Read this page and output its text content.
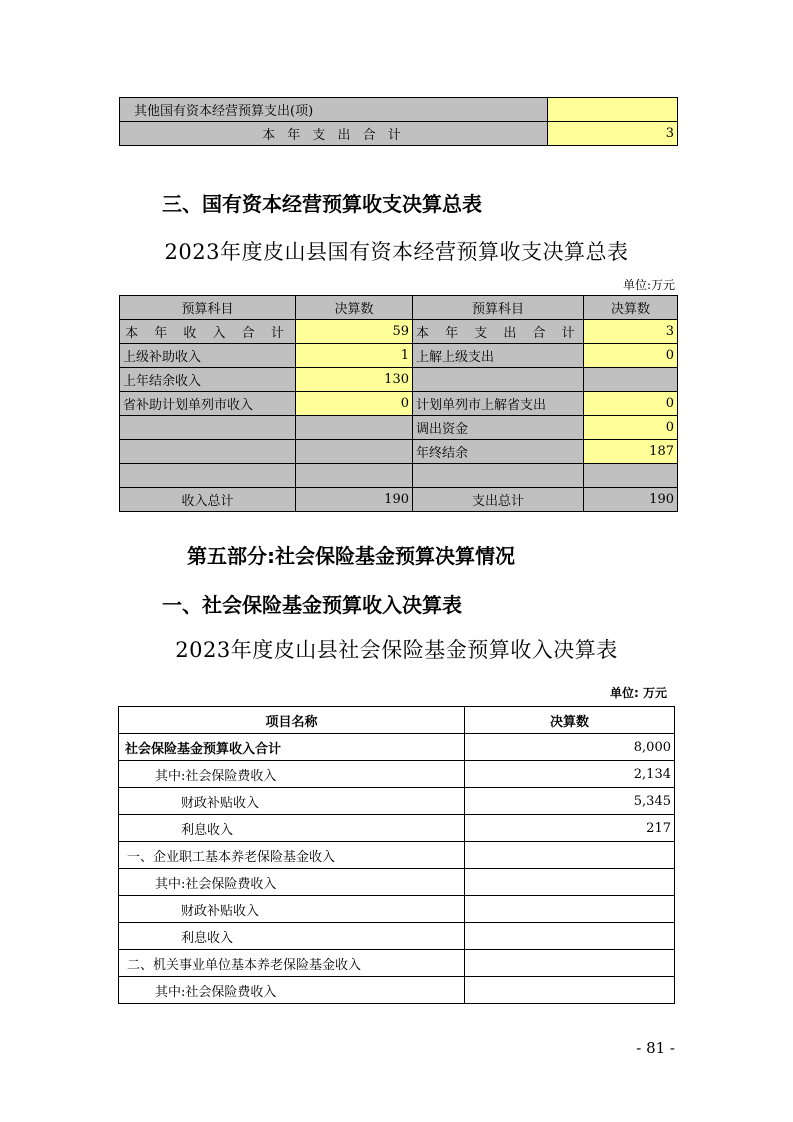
其他国有资本经营预算支出(项)	
本 年 支 出 合 计	3
三、国有资本经营预算收支决算总表
2023年度皮山县国有资本经营预算收支决算总表
单位:万元
预算科目	决算数	预算科目	决算数
本 年 收 入 合 计	59	本 年 支 出 合 计	3
上级补助收入	1	上解上级支出	0
上年结余收入	130		
省补助计划单列市收入	0	计划单列市上解省支出	0
		调出资金	0
		年终结余	187

收入总计	190	支出总计	190
第五部分:社会保险基金预算决算情况
一、社会保险基金预算收入决算表
2023年度皮山县社会保险基金预算收入决算表
单位: 万元
项目名称	决算数
社会保险基金预算收入合计	8,000
其中:社会保险费收入	2,134
财政补贴收入	5,345
利息收入	217
一、企业职工基本养老保险基金收入	
其中:社会保险费收入	
财政补贴收入	
利息收入	
二、机关事业单位基本养老保险基金收入	
其中:社会保险费收入	
- 81 -
